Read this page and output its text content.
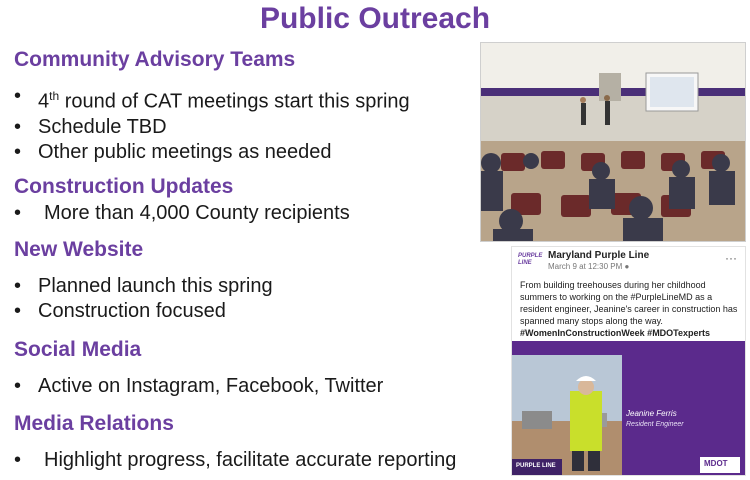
Public Outreach
Community Advisory Teams
• 4th round of CAT meetings start this spring
• Schedule TBD
• Other public meetings as needed
Construction Updates
• More than 4,000 County recipients
New Website
• Planned launch this spring
• Construction focused
Social Media
• Active on Instagram, Facebook, Twitter
Media Relations
• Highlight progress, facilitate accurate reporting
PURPLE LINE
Maryland Purple Line
March 9 at 12:30 PM ●
···
From building treehouses during her childhood summers to working on the #PurpleLineMD as a resident engineer, Jeanine's career in construction has spanned many stops along the way.
#WomenInConstructionWeek #MDOTexperts
Jeanine Ferris
Resident Engineer
PURPLE LINE	MDOT
